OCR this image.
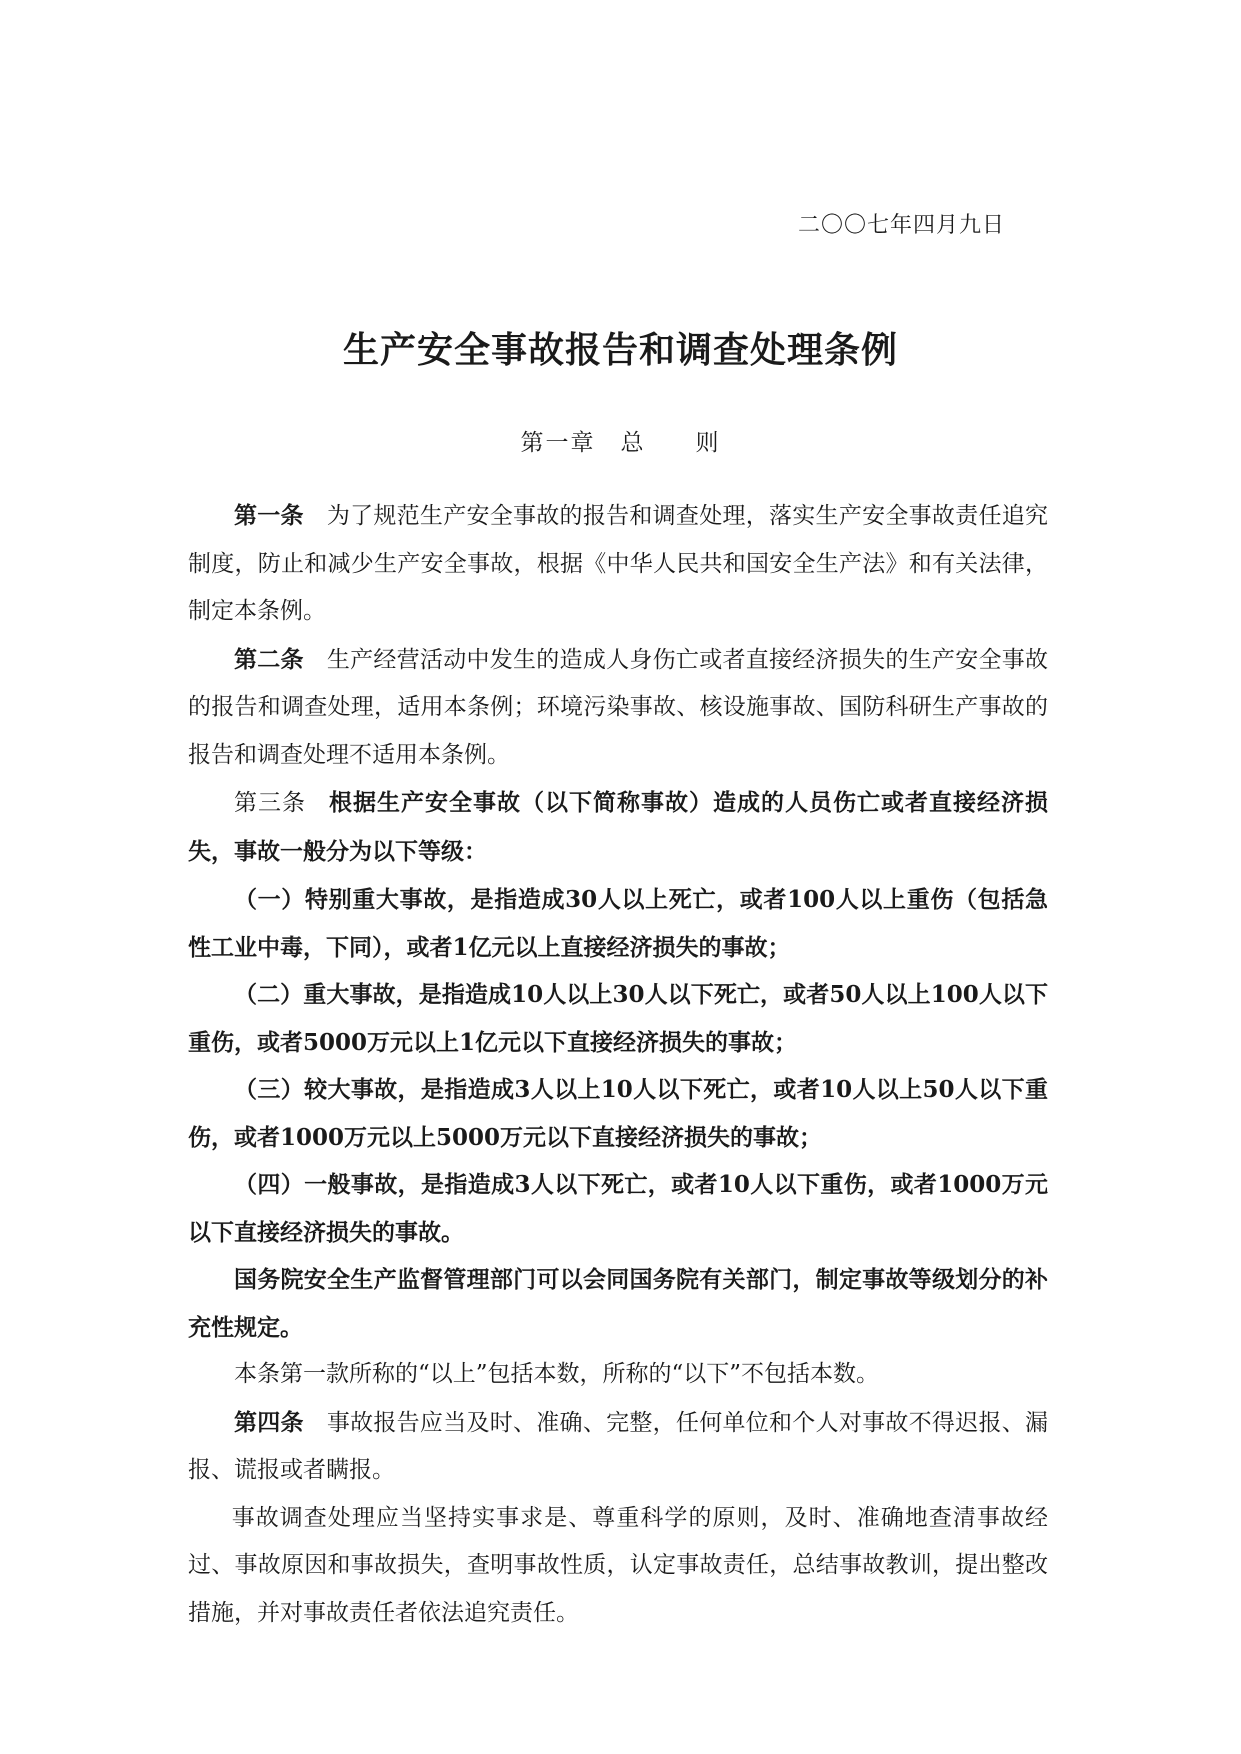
二〇〇七年四月九日
生产安全事故报告和调查处理条例
第一章　总　　则

第一条 为了规范生产安全事故的报告和调查处理，落实生产安全事故责任追究制度，防止和减少生产安全事故，根据《中华人民共和国安全生产法》和有关法律，制定本条例。

第二条 生产经营活动中发生的造成人身伤亡或者直接经济损失的生产安全事故的报告和调查处理，适用本条例；环境污染事故、核设施事故、国防科研生产事故的报告和调查处理不适用本条例。

第三条 根据生产安全事故（以下简称事故）造成的人员伤亡或者直接经济损失，事故一般分为以下等级：

（一）特别重大事故，是指造成30人以上死亡，或者100人以上重伤（包括急性工业中毒，下同），或者1亿元以上直接经济损失的事故；

（二）重大事故，是指造成10人以上30人以下死亡，或者50人以上100人以下重伤，或者5000万元以上1亿元以下直接经济损失的事故；

（三）较大事故，是指造成3人以上10人以下死亡，或者10人以上50人以下重伤，或者1000万元以上5000万元以下直接经济损失的事故；

（四）一般事故，是指造成3人以下死亡，或者10人以下重伤，或者1000万元以下直接经济损失的事故。

国务院安全生产监督管理部门可以会同国务院有关部门，制定事故等级划分的补充性规定。

本条第一款所称的“以上”包括本数，所称的“以下”不包括本数。

第四条 事故报告应当及时、准确、完整，任何单位和个人对事故不得迟报、漏报、谎报或者瞒报。

事故调查处理应当坚持实事求是、尊重科学的原则，及时、准确地查清事故经过、事故原因和事故损失，查明事故性质，认定事故责任，总结事故教训，提出整改措施，并对事故责任者依法追究责任。
